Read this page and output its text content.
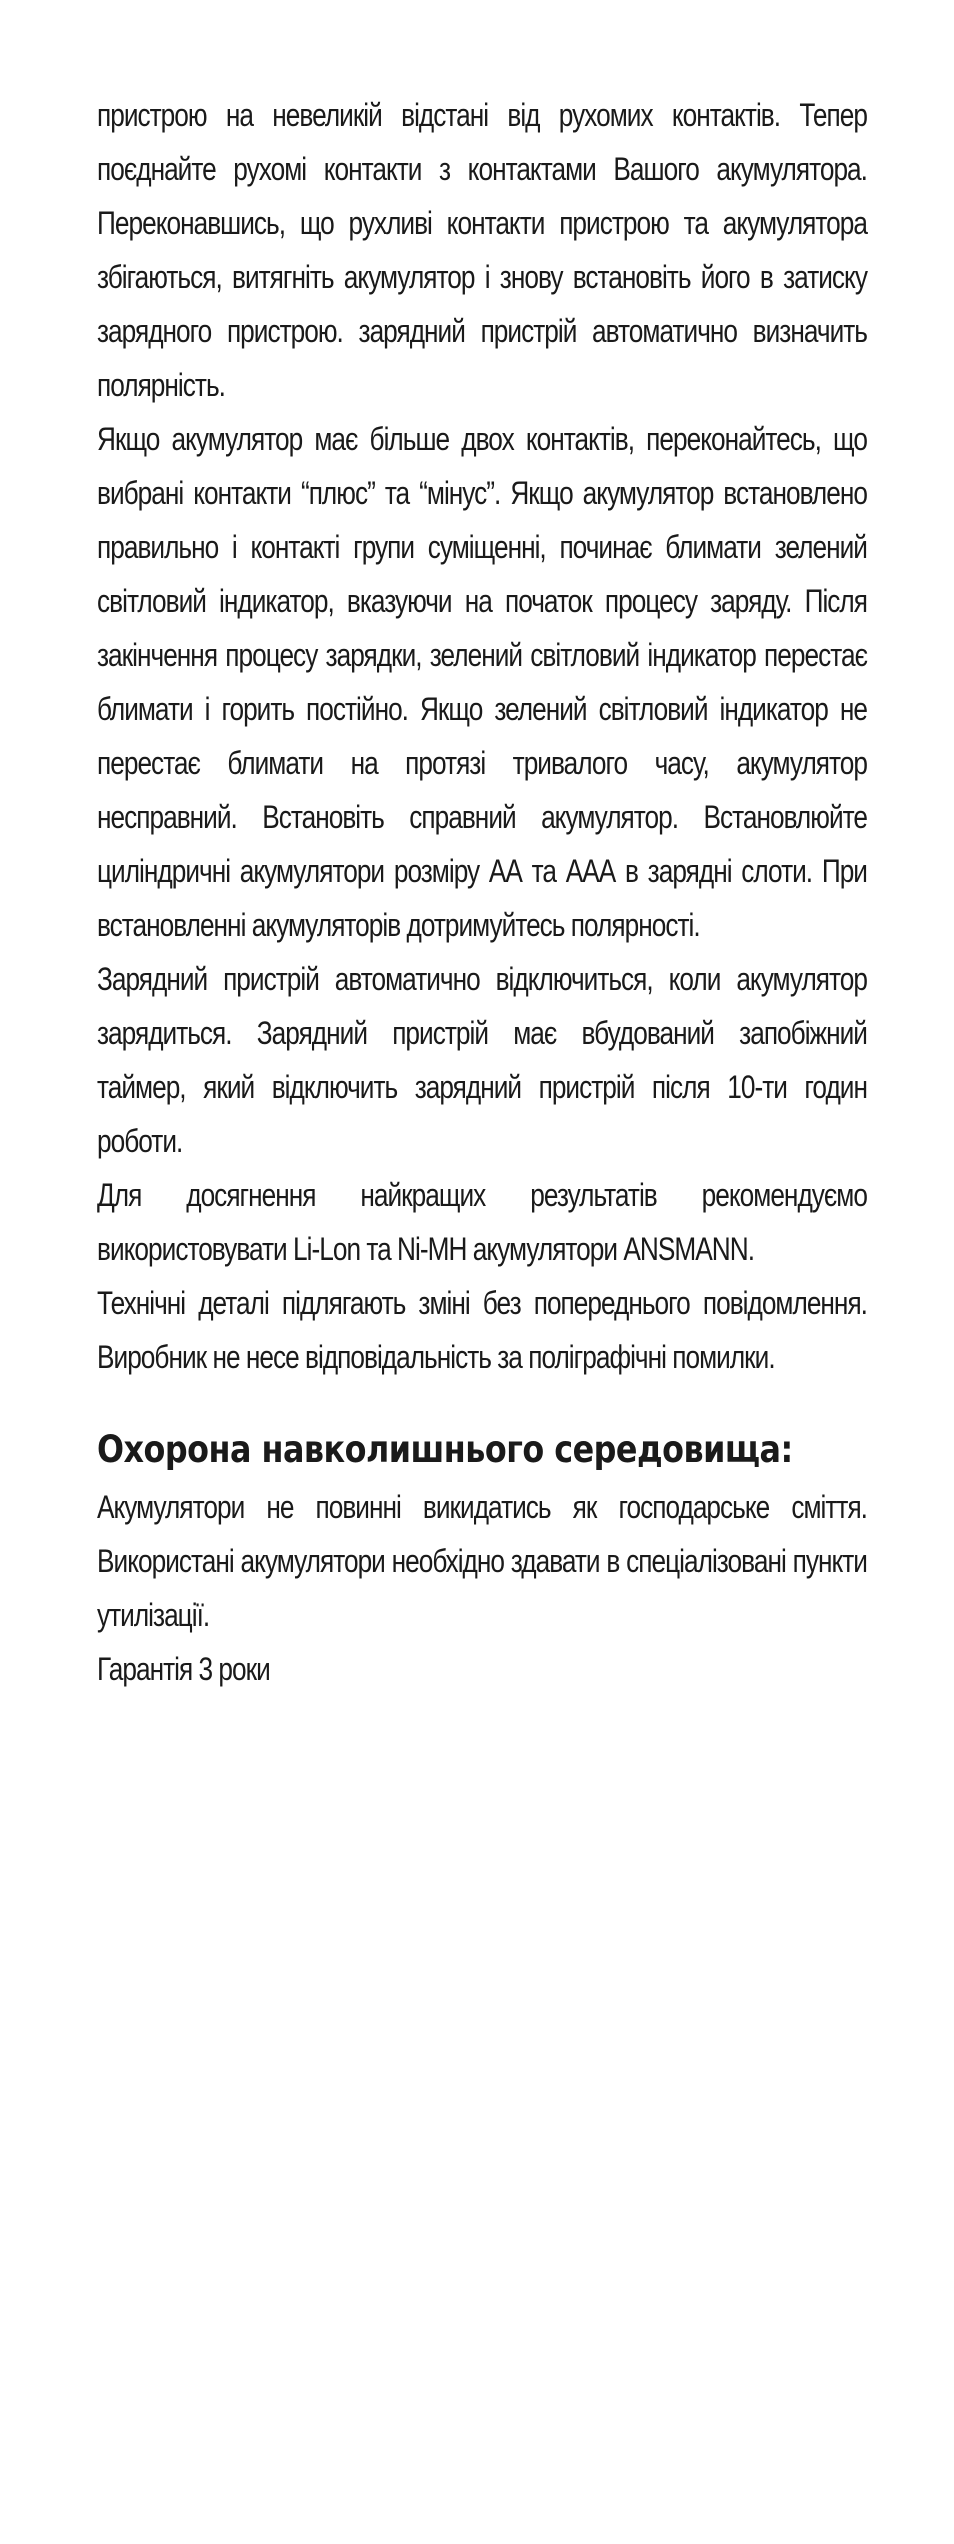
пристрою на невеликій відстані від рухомих контактів. Тепер поєднайте рухомі контакти з контактами Вашого акумулятора. Переконавшись, що рухливі контакти пристрою та акумулятора збігаються, витягніть акумулятор і знову встановіть його в затиску зарядного пристрою. зарядний пристрій автоматично визначить полярність.

Якщо акумулятор має більше двох контактів, переконайтесь, що вибрані контакти “плюс” та “мінус”. Якщо акумулятор встановлено правильно і контакті групи суміщенні, починає блимати зелений світловий індикатор, вказуючи на початок процесу заряду. Після закінчення процесу зарядки, зелений світловий індикатор перестає блимати і горить постійно. Якщо зелений світловий індикатор не перестає блимати на протязі тривалого часу, акумулятор несправний. Встановіть справний акумулятор. Встановлюйте циліндричні акумулятори розміру АА та ААА в зарядні слоти. При встановленні акумуляторів дотримуйтесь полярності.

Зарядний пристрій автоматично відключиться, коли акумулятор зарядиться. Зарядний пристрій має вбудований запобіжний таймер, який відключить зарядний пристрій після 10-ти годин роботи.

Для досягнення найкращих результатів рекомендуємо використовувати Li-Lon та Ni-MH акумулятори ANSMANN.

Технічні деталі підлягають зміні без попереднього повідомлення. Виробник не несе відповідальність за поліграфічні помилки.

Охорона навколишнього середовища:

Акумулятори не повинні викидатись як господарське сміття. Використані акумулятори необхідно здавати в спеціалізовані пункти утилізації.

Гарантія 3 роки
